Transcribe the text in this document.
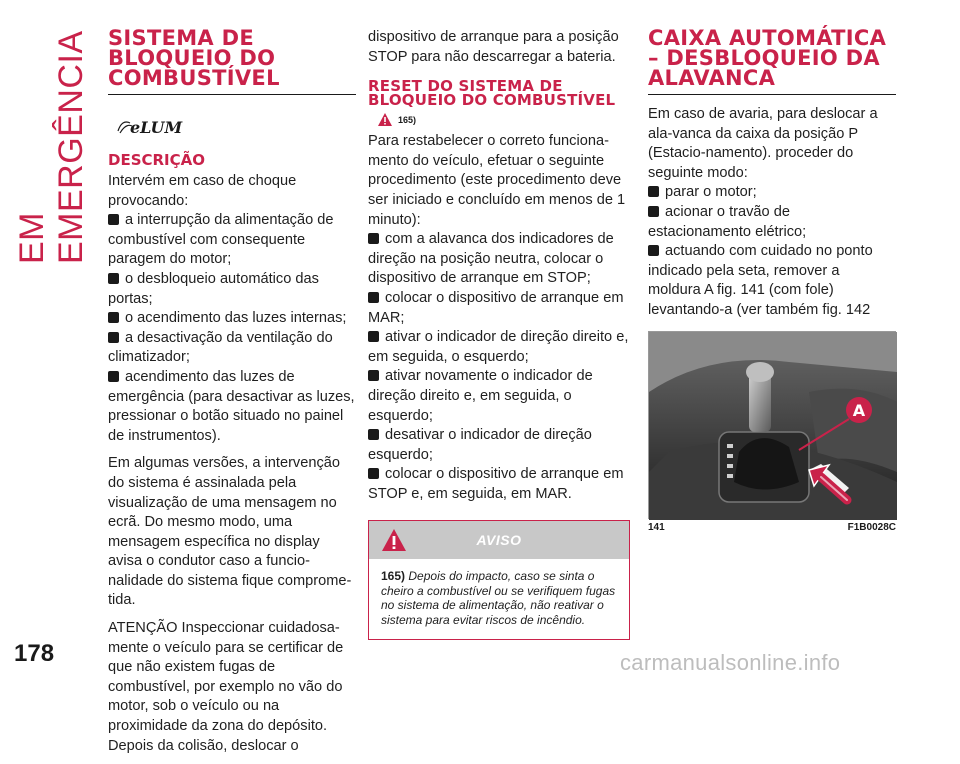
EM EMERGÊNCIA
178
SISTEMA DE BLOQUEIO DO COMBUSTÍVEL
eLUM
DESCRIÇÃO

Intervém em caso de choque provocando:

a interrupção da alimentação de combustível com consequente paragem do motor;
o desbloqueio automático das portas;
o acendimento das luzes internas;
a desactivação da ventilação do climatizador;
acendimento das luzes de emergência (para desactivar as luzes, pressionar o botão situado no painel de instrumentos).

Em algumas versões, a intervenção do sistema é assinalada pela visualização de uma mensagem no ecrã. Do mesmo modo, uma mensagem específica no display avisa o condutor caso a funcio-nalidade do sistema fique comprome-tida.

ATENÇÃO Inspeccionar cuidadosa-mente o veículo para se certificar de que não existem fugas de combustível, por exemplo no vão do motor, sob o veículo ou na proximidade da zona do depósito. Depois da colisão, deslocar o

dispositivo de arranque para a posição STOP para não descarregar a bateria.

RESET DO SISTEMA DE BLOQUEIO DO COMBUSTÍVEL
165)

Para restabelecer o correto funciona-mento do veículo, efetuar o seguinte procedimento (este procedimento deve ser iniciado e concluído em menos de 1 minuto):

com a alavanca dos indicadores de direção na posição neutra, colocar o dispositivo de arranque em STOP;
colocar o dispositivo de arranque em MAR;
ativar o indicador de direção direito e, em seguida, o esquerdo;
ativar novamente o indicador de direção direito e, em seguida, o esquerdo;
desativar o indicador de direção esquerdo;
colocar o dispositivo de arranque em STOP e, em seguida, em MAR.
AVISO
165) Depois do impacto, caso se sinta o cheiro a combustível ou se verifiquem fugas no sistema de alimentação, não reativar o sistema para evitar riscos de incêndio.
CAIXA AUTOMÁTICA – DESBLOQUEIO DA ALAVANCA

Em caso de avaria, para deslocar a ala-vanca da caixa da posição P (Estacio-namento). proceder do seguinte modo:

parar o motor;
acionar o travão de estacionamento elétrico;
actuando com cuidado no ponto indicado pela seta, remover a moldura A fig. 141 (com fole) levantando-a (ver também fig. 142
A
141	F1B0028C
carmanualsonline.info
